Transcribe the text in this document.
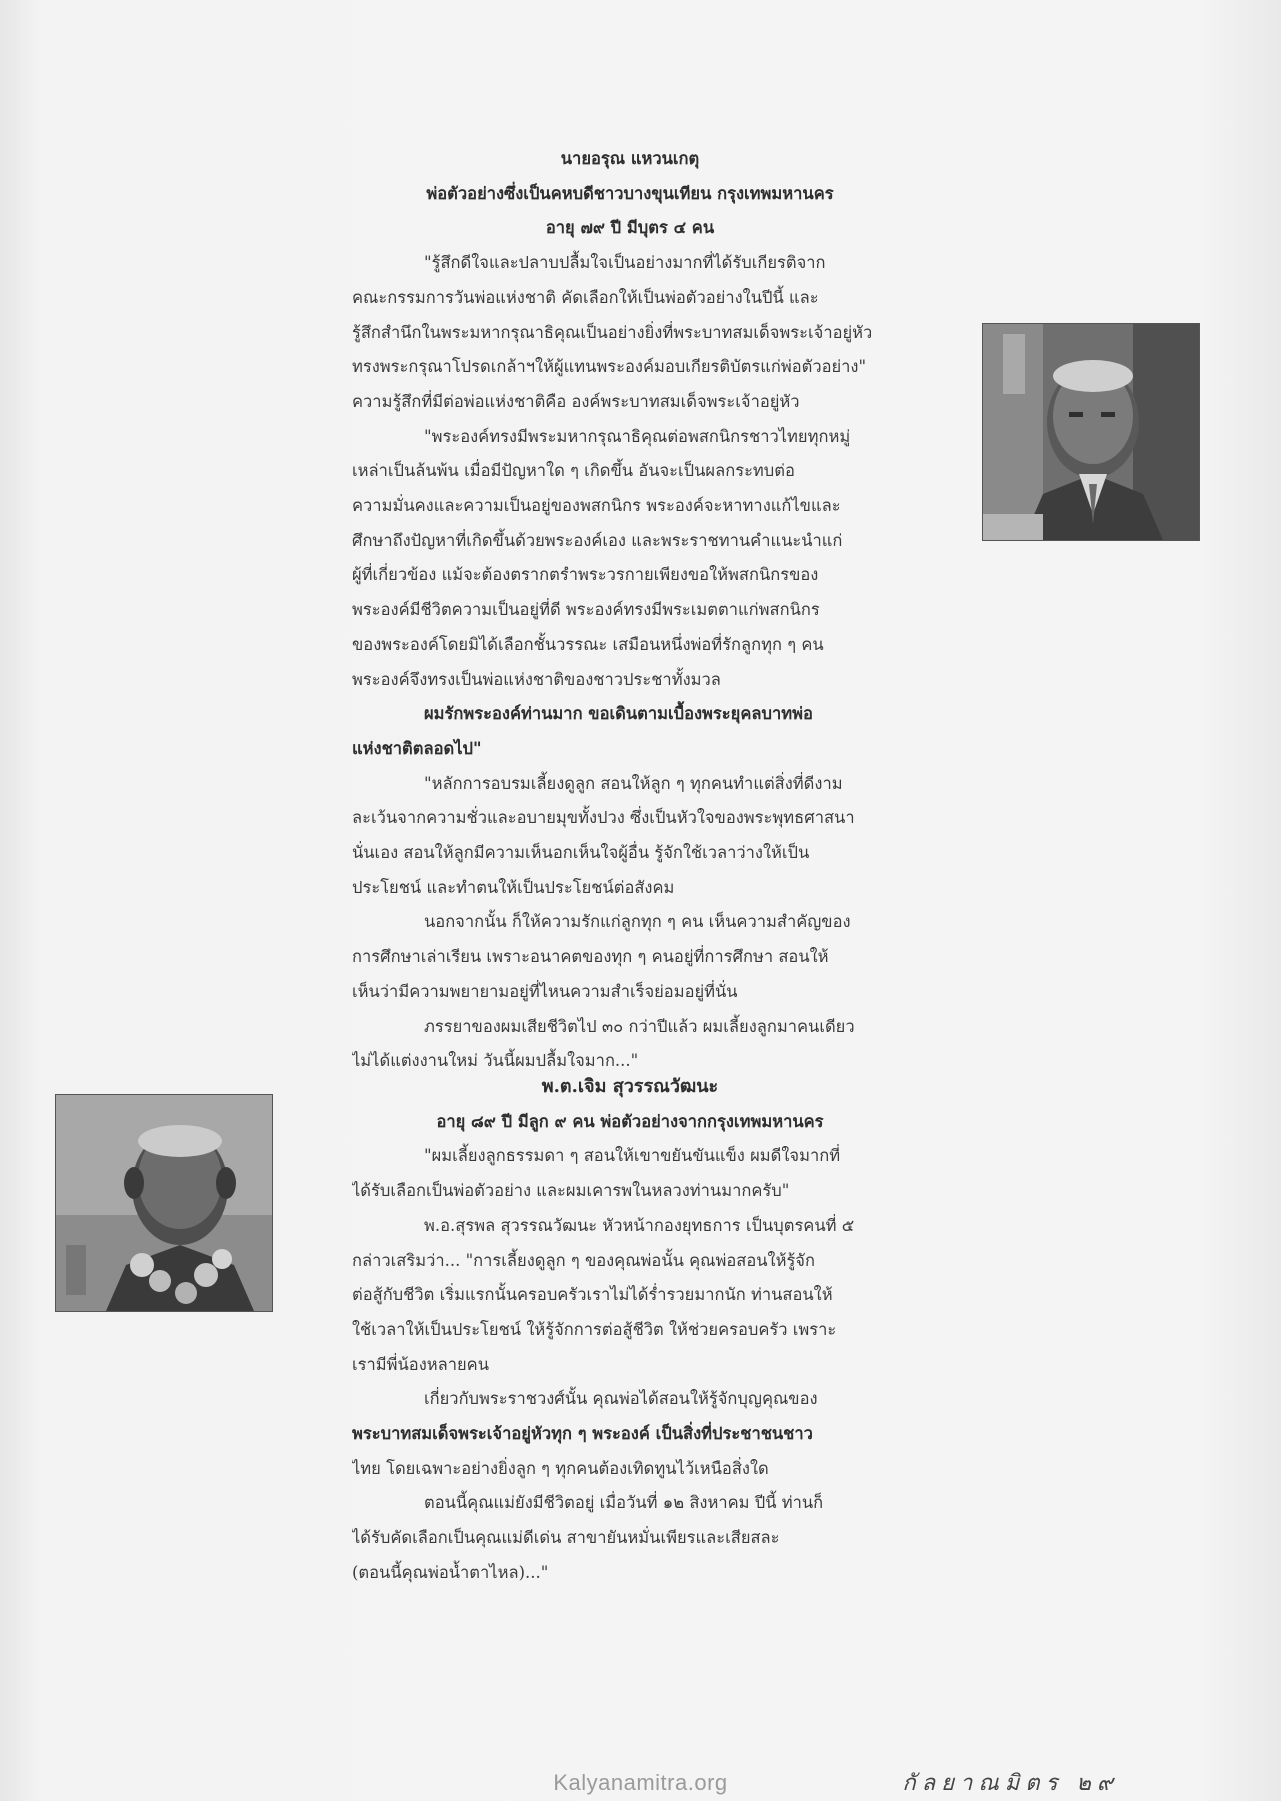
นายอรุณ แหวนเกตุ
พ่อตัวอย่างซึ่งเป็นคหบดีชาวบางขุนเทียน กรุงเทพมหานคร
อายุ ๗๙ ปี มีบุตร ๔ คน
"รู้สึกดีใจและปลาบปลื้มใจเป็นอย่างมากที่ได้รับเกียรติจาก
คณะกรรมการวันพ่อแห่งชาติ คัดเลือกให้เป็นพ่อตัวอย่างในปีนี้ และ
รู้สึกสำนึกในพระมหากรุณาธิคุณเป็นอย่างยิ่งที่พระบาทสมเด็จพระเจ้าอยู่หัว
ทรงพระกรุณาโปรดเกล้าฯให้ผู้แทนพระองค์มอบเกียรติบัตรแก่พ่อตัวอย่าง"
ความรู้สึกที่มีต่อพ่อแห่งชาติคือ องค์พระบาทสมเด็จพระเจ้าอยู่หัว
"พระองค์ทรงมีพระมหากรุณาธิคุณต่อพสกนิกรชาวไทยทุกหมู่
เหล่าเป็นล้นพ้น เมื่อมีปัญหาใด ๆ เกิดขึ้น อันจะเป็นผลกระทบต่อ
ความมั่นคงและความเป็นอยู่ของพสกนิกร พระองค์จะหาทางแก้ไขและ
ศึกษาถึงปัญหาที่เกิดขึ้นด้วยพระองค์เอง และพระราชทานคำแนะนำแก่
ผู้ที่เกี่ยวข้อง แม้จะต้องตรากตรำพระวรกายเพียงขอให้พสกนิกรของ
พระองค์มีชีวิตความเป็นอยู่ที่ดี พระองค์ทรงมีพระเมตตาแก่พสกนิกร
ของพระองค์โดยมิได้เลือกชั้นวรรณะ เสมือนหนึ่งพ่อที่รักลูกทุก ๆ คน
พระองค์จึงทรงเป็นพ่อแห่งชาติของชาวประชาทั้งมวล
ผมรักพระองค์ท่านมาก ขอเดินตามเบื้องพระยุคลบาทพ่อ
แห่งชาติตลอดไป"
"หลักการอบรมเลี้ยงดูลูก สอนให้ลูก ๆ ทุกคนทำแต่สิ่งที่ดีงาม
ละเว้นจากความชั่วและอบายมุขทั้งปวง ซึ่งเป็นหัวใจของพระพุทธศาสนา
นั่นเอง สอนให้ลูกมีความเห็นอกเห็นใจผู้อื่น รู้จักใช้เวลาว่างให้เป็น
ประโยชน์ และทำตนให้เป็นประโยชน์ต่อสังคม
นอกจากนั้น ก็ให้ความรักแก่ลูกทุก ๆ คน เห็นความสำคัญของ
การศึกษาเล่าเรียน เพราะอนาคตของทุก ๆ คนอยู่ที่การศึกษา สอนให้
เห็นว่ามีความพยายามอยู่ที่ไหนความสำเร็จย่อมอยู่ที่นั่น
ภรรยาของผมเสียชีวิตไป ๓๐ กว่าปีแล้ว ผมเลี้ยงลูกมาคนเดียว
ไม่ได้แต่งงานใหม่ วันนี้ผมปลื้มใจมาก..."
พ.ต.เจิม สุวรรณวัฒนะ
อายุ ๘๙ ปี มีลูก ๙ คน พ่อตัวอย่างจากกรุงเทพมหานคร
"ผมเลี้ยงลูกธรรมดา ๆ สอนให้เขาขยันขันแข็ง ผมดีใจมากที่
ได้รับเลือกเป็นพ่อตัวอย่าง และผมเคารพในหลวงท่านมากครับ"
พ.อ.สุรพล สุวรรณวัฒนะ หัวหน้ากองยุทธการ เป็นบุตรคนที่ ๕
กล่าวเสริมว่า... "การเลี้ยงดูลูก ๆ ของคุณพ่อนั้น คุณพ่อสอนให้รู้จัก
ต่อสู้กับชีวิต เริ่มแรกนั้นครอบครัวเราไม่ได้ร่ำรวยมากนัก ท่านสอนให้
ใช้เวลาให้เป็นประโยชน์ ให้รู้จักการต่อสู้ชีวิต ให้ช่วยครอบครัว เพราะ
เรามีพี่น้องหลายคน
เกี่ยวกับพระราชวงศ์นั้น คุณพ่อได้สอนให้รู้จักบุญคุณของ
พระบาทสมเด็จพระเจ้าอยู่หัวทุก ๆ พระองค์ เป็นสิ่งที่ประชาชนชาว
ไทย โดยเฉพาะอย่างยิ่งลูก ๆ ทุกคนต้องเทิดทูนไว้เหนือสิ่งใด
ตอนนี้คุณแม่ยังมีชีวิตอยู่ เมื่อวันที่ ๑๒ สิงหาคม ปีนี้ ท่านก็
ได้รับคัดเลือกเป็นคุณแม่ดีเด่น สาขายันหมั่นเพียรและเสียสละ
(ตอนนี้คุณพ่อน้ำตาไหล)..."
กัลยาณมิตร ๒๙
Kalyanamitra.org
